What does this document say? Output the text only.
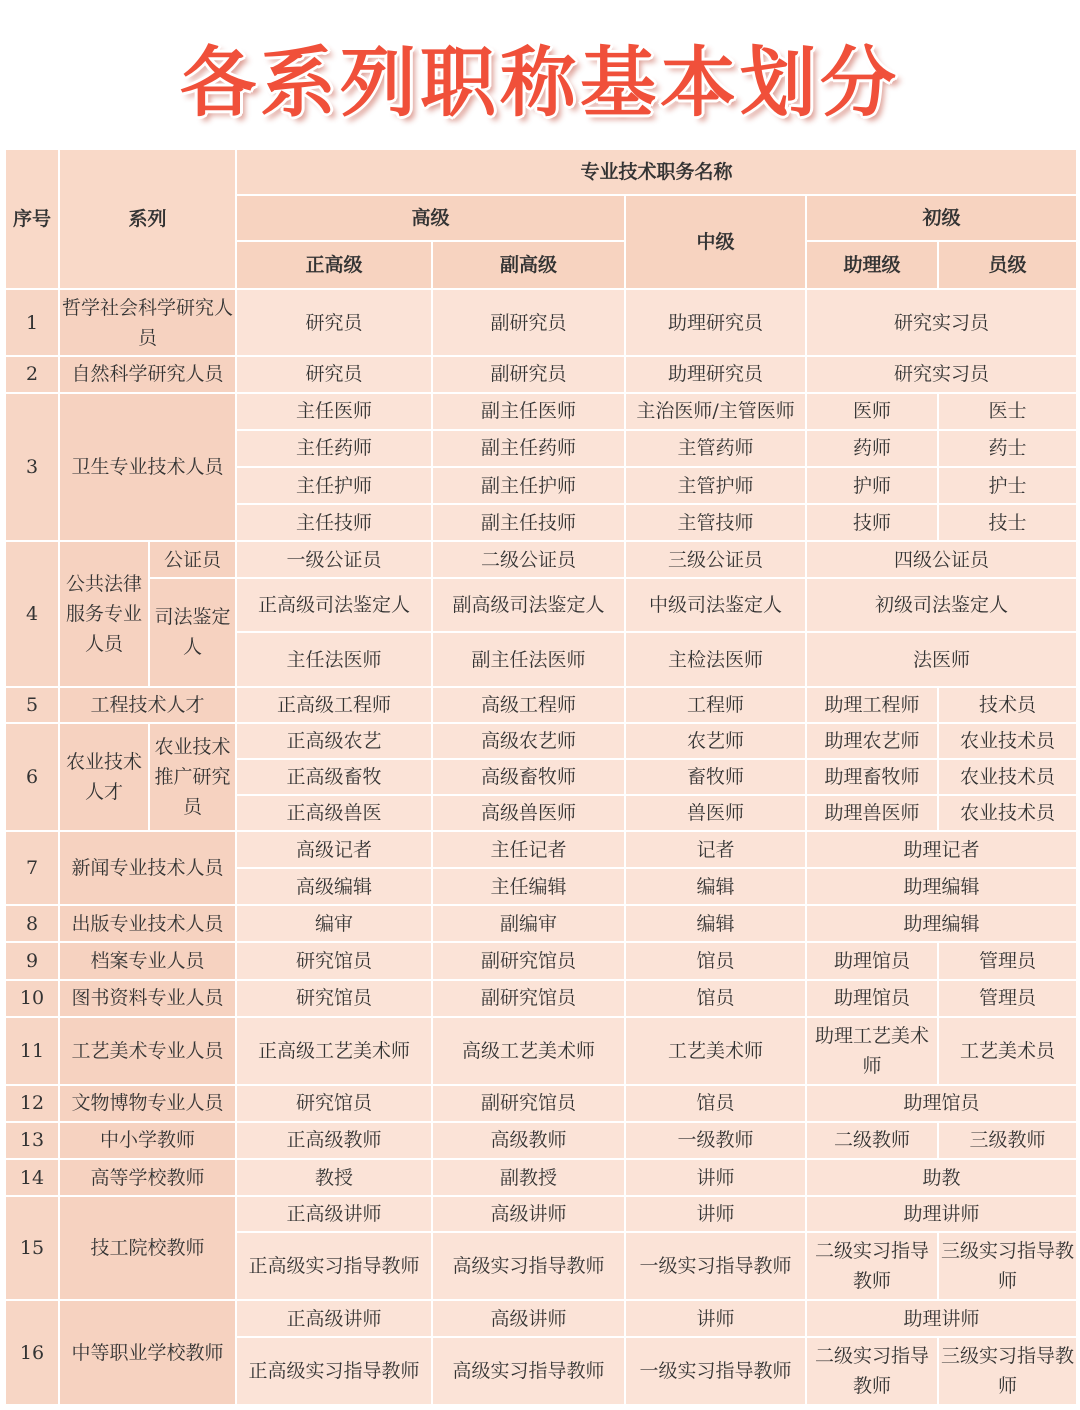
各系列职称基本划分
序号	系列		专业技术职务名称				
			高级		中级	初级	
			正高级	副高级		助理级	员级
1	哲学社会科学研究人员		研究员	副研究员	助理研究员	研究实习员	
2	自然科学研究人员		研究员	副研究员	助理研究员	研究实习员	
3	卫生专业技术人员		主任医师	副主任医师	主治医师/主管医师	医师	医士
			主任药师	副主任药师	主管药师	药师	药士
			主任护师	副主任护师	主管护师	护师	护士
			主任技师	副主任技师	主管技师	技师	技士
4	公共法律服务专业人员	公证员	一级公证员	二级公证员	三级公证员	四级公证员	
		司法鉴定人	正高级司法鉴定人	副高级司法鉴定人	中级司法鉴定人	初级司法鉴定人	
			主任法医师	副主任法医师	主检法医师	法医师	
5	工程技术人才		正高级工程师	高级工程师	工程师	助理工程师	技术员
6	农业技术人才	农业技术推广研究员	正高级农艺	高级农艺师	农艺师	助理农艺师	农业技术员
			正高级畜牧	高级畜牧师	畜牧师	助理畜牧师	农业技术员
			正高级兽医	高级兽医师	兽医师	助理兽医师	农业技术员
7	新闻专业技术人员		高级记者	主任记者	记者	助理记者	
			高级编辑	主任编辑	编辑	助理编辑	
8	出版专业技术人员		编审	副编审	编辑	助理编辑	
9	档案专业人员		研究馆员	副研究馆员	馆员	助理馆员	管理员
10	图书资料专业人员		研究馆员	副研究馆员	馆员	助理馆员	管理员
11	工艺美术专业人员		正高级工艺美术师	高级工艺美术师	工艺美术师	助理工艺美术师	工艺美术员
12	文物博物专业人员		研究馆员	副研究馆员	馆员	助理馆员	
13	中小学教师		正高级教师	高级教师	一级教师	二级教师	三级教师
14	高等学校教师		教授	副教授	讲师	助教	
15	技工院校教师		正高级讲师	高级讲师	讲师	助理讲师	
			正高级实习指导教师	高级实习指导教师	一级实习指导教师	二级实习指导教师	三级实习指导教师
16	中等职业学校教师		正高级讲师	高级讲师	讲师	助理讲师	
			正高级实习指导教师	高级实习指导教师	一级实习指导教师	二级实习指导教师	三级实习指导教师
